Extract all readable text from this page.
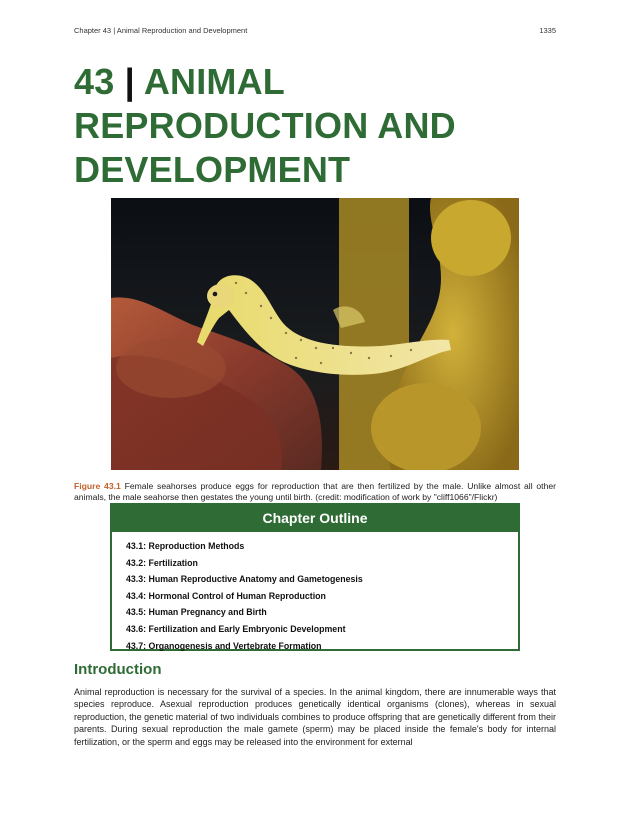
Chapter 43 | Animal Reproduction and Development	1335
43 | ANIMAL
REPRODUCTION AND
DEVELOPMENT

Figure 43.1 Female seahorses produce eggs for reproduction that are then fertilized by the male. Unlike almost all other animals, the male seahorse then gestates the young until birth. (credit: modification of work by "cliff1066"/Flickr)

Chapter Outline
43.1: Reproduction Methods
43.2: Fertilization
43.3: Human Reproductive Anatomy and Gametogenesis
43.4: Hormonal Control of Human Reproduction
43.5: Human Pregnancy and Birth
43.6: Fertilization and Early Embryonic Development
43.7: Organogenesis and Vertebrate Formation
Introduction

Animal reproduction is necessary for the survival of a species. In the animal kingdom, there are innumerable ways that species reproduce. Asexual reproduction produces genetically identical organisms (clones), whereas in sexual reproduction, the genetic material of two individuals combines to produce offspring that are genetically different from their parents. During sexual reproduction the male gamete (sperm) may be placed inside the female's body for internal fertilization, or the sperm and eggs may be released into the environment for external
